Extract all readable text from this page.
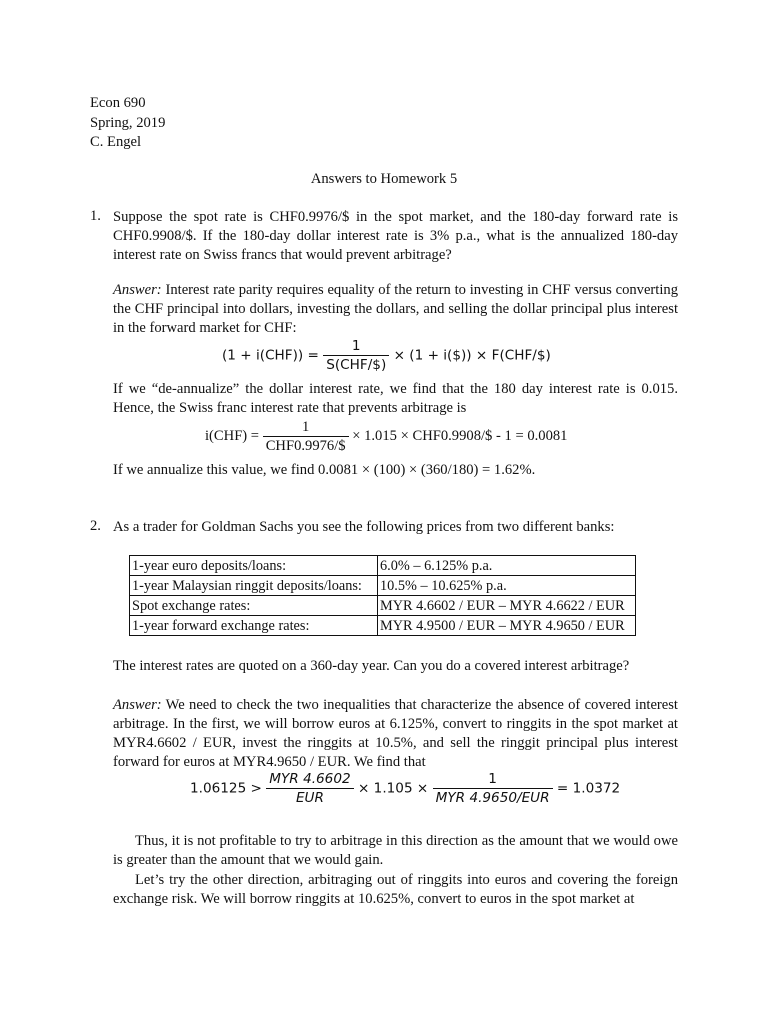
Econ 690
Spring, 2019
C. Engel
Answers to Homework 5
1. Suppose the spot rate is CHF0.9976/$ in the spot market, and the 180-day forward rate is CHF0.9908/$. If the 180-day dollar interest rate is 3% p.a., what is the annualized 180-day interest rate on Swiss francs that would prevent arbitrage?
Answer: Interest rate parity requires equality of the return to investing in CHF versus converting the CHF principal into dollars, investing the dollars, and selling the dollar principal plus interest in the forward market for CHF:
$(1 + i(CHF)) = \frac{1}{\text{S(CHF/\$)}} \times (1$ + i($)) × F(CHF/$)
If we “de-annualize” the dollar interest rate, we find that the 180 day interest rate is 0.015. Hence, the Swiss franc interest rate that prevents arbitrage is
$i(CHF) = \frac{1}{\text{CHF0.9976/\$}} \times 1.015$ × CHF0.9908/$ - 1 = 0.0081
If we annualize this value, we find 0.0081 × (100) × (360/180) = 1.62%.
2. As a trader for Goldman Sachs you see the following prices from two different banks:
1-year euro deposits/loans:	6.0% – 6.125% p.a.
1-year Malaysian ringgit deposits/loans:	10.5% – 10.625% p.a.
Spot exchange rates:	MYR 4.6602 / EUR – MYR 4.6622 / EUR
1-year forward exchange rates:	MYR 4.9500 / EUR – MYR 4.9650 / EUR
The interest rates are quoted on a 360-day year. Can you do a covered interest arbitrage?
Answer: We need to check the two inequalities that characterize the absence of covered interest arbitrage. In the first, we will borrow euros at 6.125%, convert to ringgits in the spot market at MYR4.6602 / EUR, invest the ringgits at 10.5%, and sell the ringgit principal plus interest forward for euros at MYR4.9650 / EUR. We find that
$1.06125 > \frac{\text{MYR 4.6602}}{\text{EUR}} \times 1.105 \times \frac{1}{\text{MYR 4.9650/EUR}} = 1.0372$
Thus, it is not profitable to try to arbitrage in this direction as the amount that we would owe is greater than the amount that we would gain.
Let’s try the other direction, arbitraging out of ringgits into euros and covering the foreign exchange risk. We will borrow ringgits at 10.625%, convert to euros in the spot market at
